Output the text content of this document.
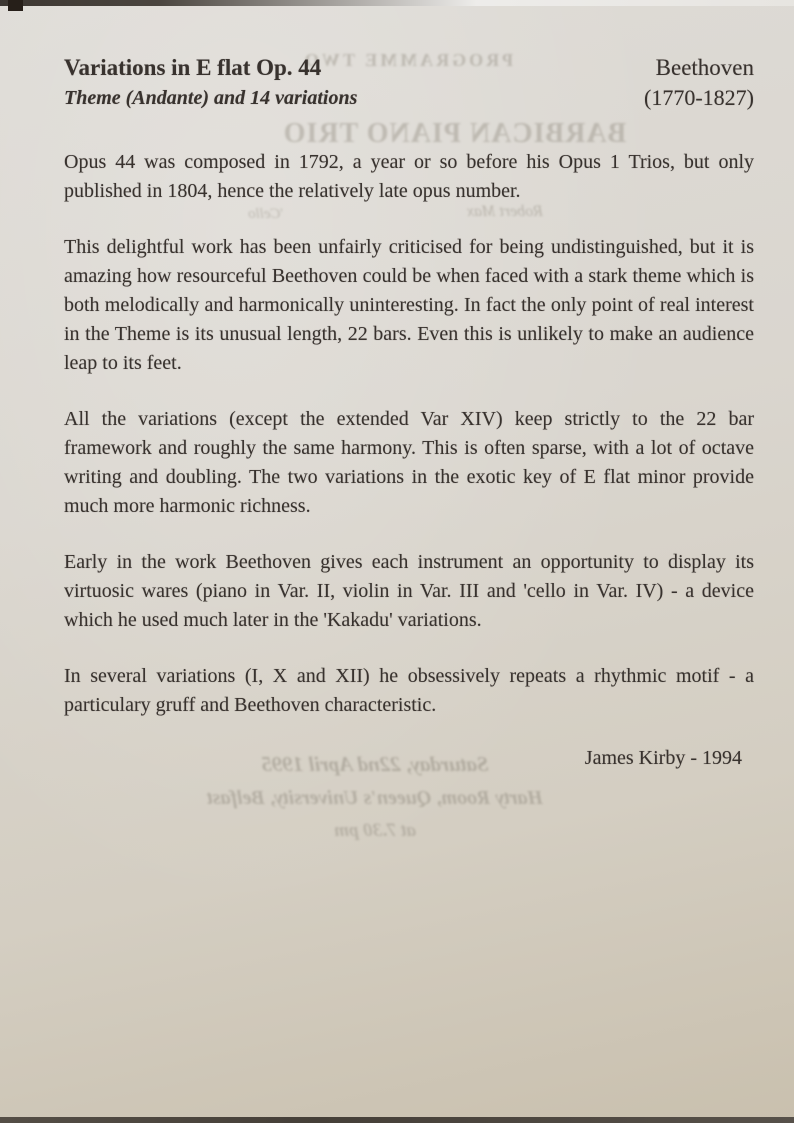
PROGRAMME TWO
BARBICAN PIANO TRIO
'Cello	Robert Max
Saturday, 22nd April 1995
Harty Room, Queen's University, Belfast
at 7.30 pm
Variations in E flat Op. 44
Theme (Andante) and 14 variations
Beethoven
(1770-1827)

Opus 44 was composed in 1792, a year or so before his Opus 1 Trios, but only published in 1804, hence the relatively late opus number.

This delightful work has been unfairly criticised for being undistinguished, but it is amazing how resourceful Beethoven could be when faced with a stark theme which is both melodically and harmonically uninteresting. In fact the only point of real interest in the Theme is its unusual length, 22 bars. Even this is unlikely to make an audience leap to its feet.

All the variations (except the extended Var XIV) keep strictly to the 22 bar framework and roughly the same harmony. This is often sparse, with a lot of octave writing and doubling. The two variations in the exotic key of E flat minor provide much more harmonic richness.

Early in the work Beethoven gives each instrument an opportunity to display its virtuosic wares (piano in Var. II, violin in Var. III and 'cello in Var. IV) - a device which he used much later in the 'Kakadu' variations.

In several variations (I, X and XII) he obsessively repeats a rhythmic motif - a particulary gruff and Beethoven characteristic.

James Kirby - 1994
